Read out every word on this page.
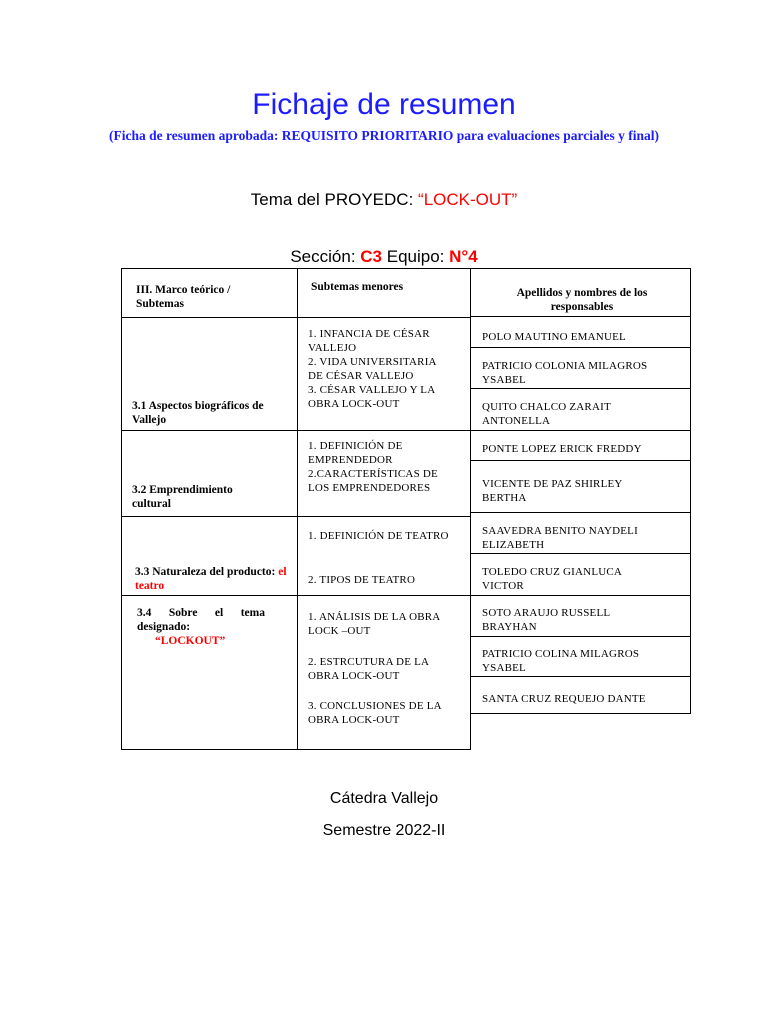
Fichaje de resumen
(Ficha de resumen aprobada: REQUISITO PRIORITARIO para evaluaciones parciales y final)
Tema del PROYEDC: “LOCK-OUT”
Sección: C3 Equipo: N°4
III. Marco teórico / Subtemas
Subtemas menores	Apellidos y nombres de los responsables
3.1 Aspectos biográficos de Vallejo
1. INFANCIA DE CÉSAR VALLEJO
2. VIDA UNIVERSITARIA DE CÉSAR VALLEJO
3. CÉSAR VALLEJO Y LA OBRA LOCK-OUT
3.2 Emprendimiento cultural
1. DEFINICIÓN DE EMPRENDEDOR
2.CARACTERÍSTICAS DE LOS EMPRENDEDORES
3.3 Naturaleza del producto: el teatro
1. DEFINICIÓN DE TEATRO
2. TIPOS DE TEATRO
3.4 Sobre el tema designado:
“LOCKOUT”
1. ANÁLISIS DE LA OBRA LOCK –OUT
2. ESTRCUTURA DE LA OBRA LOCK-OUT
3. CONCLUSIONES DE LA OBRA LOCK-OUT
POLO MAUTINO EMANUEL
PATRICIO COLONIA MILAGROS YSABEL
QUITO CHALCO ZARAIT ANTONELLA
PONTE LOPEZ ERICK FREDDY
VICENTE DE PAZ SHIRLEY BERTHA
SAAVEDRA BENITO NAYDELI ELIZABETH
TOLEDO CRUZ GIANLUCA VICTOR
SOTO ARAUJO RUSSELL BRAYHAN
PATRICIO COLINA MILAGROS YSABEL
SANTA CRUZ REQUEJO DANTE
Cátedra Vallejo
Semestre 2022-II
